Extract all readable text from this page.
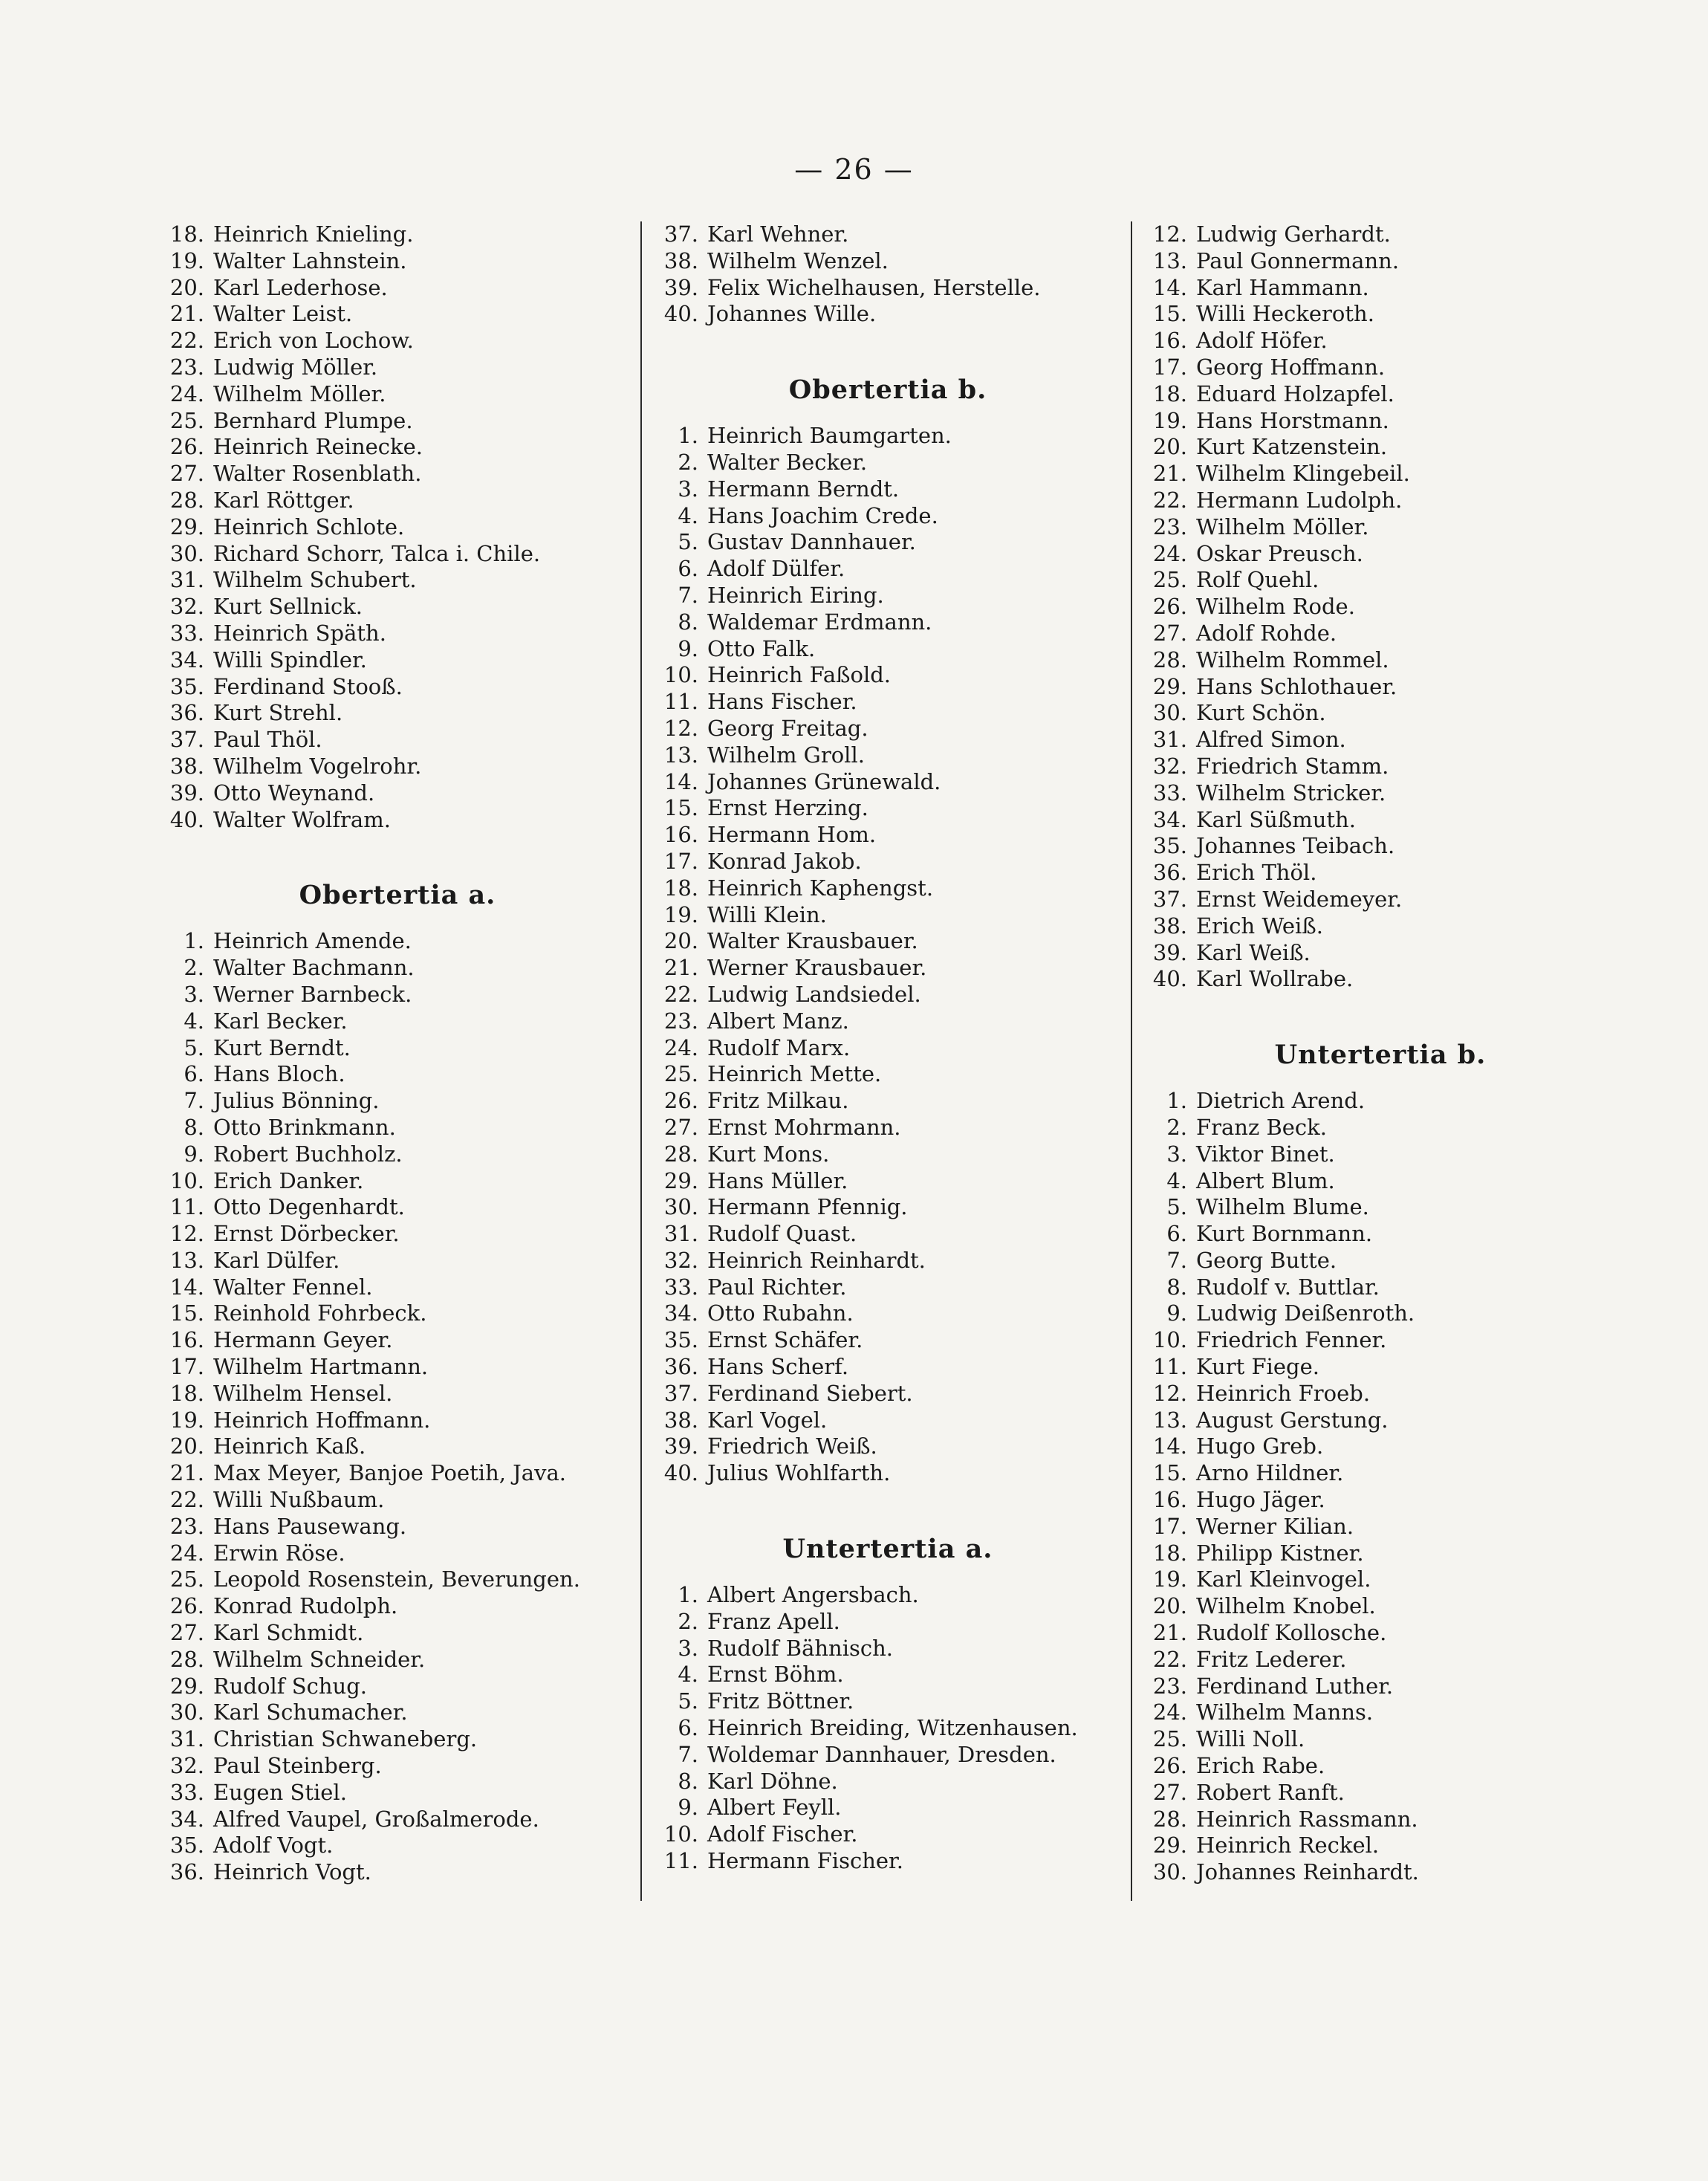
— 26 —
18. Heinrich Knieling.
19. Walter Lahnstein.
20. Karl Lederhose.
21. Walter Leist.
22. Erich von Lochow.
23. Ludwig Möller.
24. Wilhelm Möller.
25. Bernhard Plumpe.
26. Heinrich Reinecke.
27. Walter Rosenblath.
28. Karl Röttger.
29. Heinrich Schlote.
30. Richard Schorr, Talca i. Chile.
31. Wilhelm Schubert.
32. Kurt Sellnick.
33. Heinrich Späth.
34. Willi Spindler.
35. Ferdinand Stooß.
36. Kurt Strehl.
37. Paul Thöl.
38. Wilhelm Vogelrohr.
39. Otto Weynand.
40. Walter Wolfram.
Obertertia a.
1. Heinrich Amende.
2. Walter Bachmann.
3. Werner Barnbeck.
4. Karl Becker.
5. Kurt Berndt.
6. Hans Bloch.
7. Julius Bönning.
8. Otto Brinkmann.
9. Robert Buchholz.
10. Erich Danker.
11. Otto Degenhardt.
12. Ernst Dörbecker.
13. Karl Dülfer.
14. Walter Fennel.
15. Reinhold Fohrbeck.
16. Hermann Geyer.
17. Wilhelm Hartmann.
18. Wilhelm Hensel.
19. Heinrich Hoffmann.
20. Heinrich Kaß.
21. Max Meyer, Banjoe Poetih, Java.
22. Willi Nußbaum.
23. Hans Pausewang.
24. Erwin Röse.
25. Leopold Rosenstein, Beverungen.
26. Konrad Rudolph.
27. Karl Schmidt.
28. Wilhelm Schneider.
29. Rudolf Schug.
30. Karl Schumacher.
31. Christian Schwaneberg.
32. Paul Steinberg.
33. Eugen Stiel.
34. Alfred Vaupel, Großalmerode.
35. Adolf Vogt.
36. Heinrich Vogt.
37. Karl Wehner.
38. Wilhelm Wenzel.
39. Felix Wichelhausen, Herstelle.
40. Johannes Wille.
Obertertia b.
1. Heinrich Baumgarten.
2. Walter Becker.
3. Hermann Berndt.
4. Hans Joachim Crede.
5. Gustav Dannhauer.
6. Adolf Dülfer.
7. Heinrich Eiring.
8. Waldemar Erdmann.
9. Otto Falk.
10. Heinrich Faßold.
11. Hans Fischer.
12. Georg Freitag.
13. Wilhelm Groll.
14. Johannes Grünewald.
15. Ernst Herzing.
16. Hermann Hom.
17. Konrad Jakob.
18. Heinrich Kaphengst.
19. Willi Klein.
20. Walter Krausbauer.
21. Werner Krausbauer.
22. Ludwig Landsiedel.
23. Albert Manz.
24. Rudolf Marx.
25. Heinrich Mette.
26. Fritz Milkau.
27. Ernst Mohrmann.
28. Kurt Mons.
29. Hans Müller.
30. Hermann Pfennig.
31. Rudolf Quast.
32. Heinrich Reinhardt.
33. Paul Richter.
34. Otto Rubahn.
35. Ernst Schäfer.
36. Hans Scherf.
37. Ferdinand Siebert.
38. Karl Vogel.
39. Friedrich Weiß.
40. Julius Wohlfarth.
Untertertia a.
1. Albert Angersbach.
2. Franz Apell.
3. Rudolf Bähnisch.
4. Ernst Böhm.
5. Fritz Böttner.
6. Heinrich Breiding, Witzenhausen.
7. Woldemar Dannhauer, Dresden.
8. Karl Döhne.
9. Albert Feyll.
10. Adolf Fischer.
11. Hermann Fischer.
12. Ludwig Gerhardt.
13. Paul Gonnermann.
14. Karl Hammann.
15. Willi Heckeroth.
16. Adolf Höfer.
17. Georg Hoffmann.
18. Eduard Holzapfel.
19. Hans Horstmann.
20. Kurt Katzenstein.
21. Wilhelm Klingebeil.
22. Hermann Ludolph.
23. Wilhelm Möller.
24. Oskar Preusch.
25. Rolf Quehl.
26. Wilhelm Rode.
27. Adolf Rohde.
28. Wilhelm Rommel.
29. Hans Schlothauer.
30. Kurt Schön.
31. Alfred Simon.
32. Friedrich Stamm.
33. Wilhelm Stricker.
34. Karl Süßmuth.
35. Johannes Teibach.
36. Erich Thöl.
37. Ernst Weidemeyer.
38. Erich Weiß.
39. Karl Weiß.
40. Karl Wollrabe.
Untertertia b.
1. Dietrich Arend.
2. Franz Beck.
3. Viktor Binet.
4. Albert Blum.
5. Wilhelm Blume.
6. Kurt Bornmann.
7. Georg Butte.
8. Rudolf v. Buttlar.
9. Ludwig Deißenroth.
10. Friedrich Fenner.
11. Kurt Fiege.
12. Heinrich Froeb.
13. August Gerstung.
14. Hugo Greb.
15. Arno Hildner.
16. Hugo Jäger.
17. Werner Kilian.
18. Philipp Kistner.
19. Karl Kleinvogel.
20. Wilhelm Knobel.
21. Rudolf Kollosche.
22. Fritz Lederer.
23. Ferdinand Luther.
24. Wilhelm Manns.
25. Willi Noll.
26. Erich Rabe.
27. Robert Ranft.
28. Heinrich Rassmann.
29. Heinrich Reckel.
30. Johannes Reinhardt.
